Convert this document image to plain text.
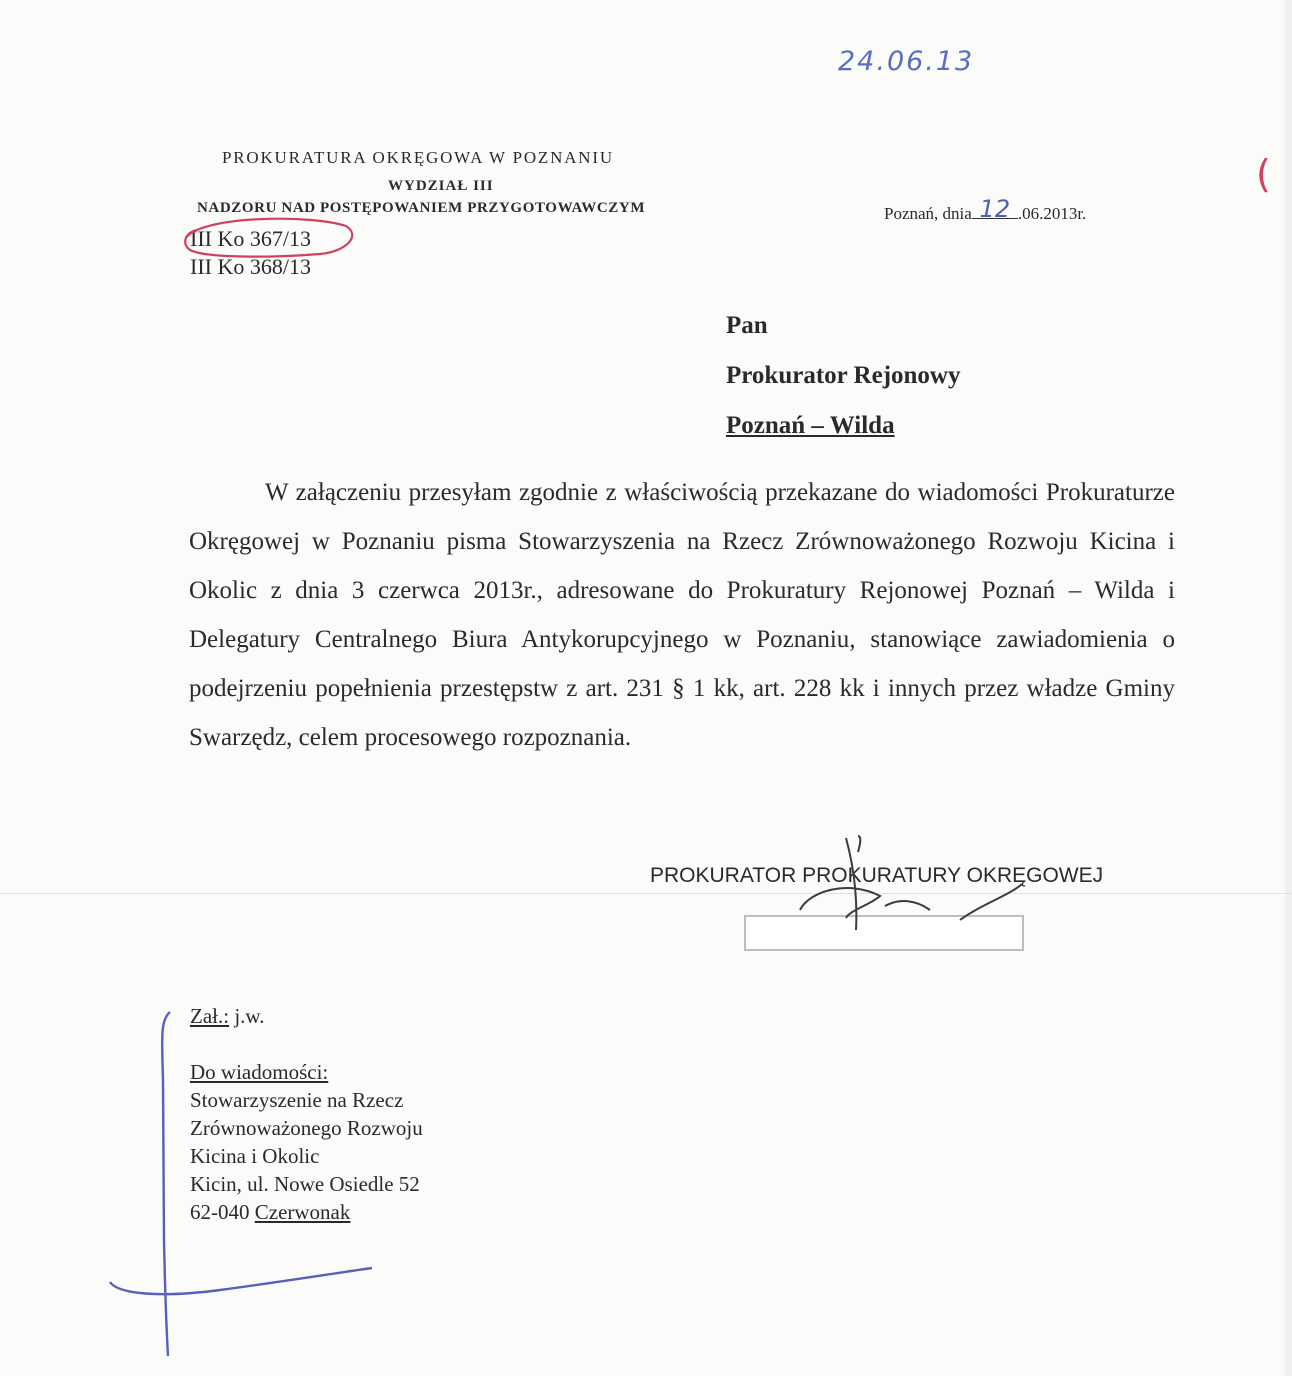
24.06.13
(
PROKURATURA OKRĘGOWA W POZNANIU
WYDZIAŁ III
NADZORU NAD POSTĘPOWANIEM PRZYGOTOWAWCZYM	Poznań, dnia 12 .06.2013r.
III Ko 367/13
III Ko 368/13
Pan
Prokurator Rejonowy
Poznań – Wilda
W załączeniu przesyłam zgodnie z właściwością przekazane do wiadomości Prokuraturze Okręgowej w Poznaniu pisma Stowarzyszenia na Rzecz Zrównoważonego Rozwoju Kicina i Okolic z dnia 3 czerwca 2013r., adresowane do Prokuratury Rejonowej Poznań – Wilda i Delegatury Centralnego Biura Antykorupcyjnego w Poznaniu, stanowiące zawiadomienia o podejrzeniu popełnienia przestępstw z art. 231 § 1 kk, art. 228 kk i innych przez władze Gminy Swarzędz, celem procesowego rozpoznania.
PROKURATOR PROKURATURY OKRĘGOWEJ
Zał.: j.w.
Do wiadomości:
Stowarzyszenie na Rzecz
Zrównoważonego Rozwoju
Kicina i Okolic
Kicin, ul. Nowe Osiedle 52
62-040 Czerwonak
